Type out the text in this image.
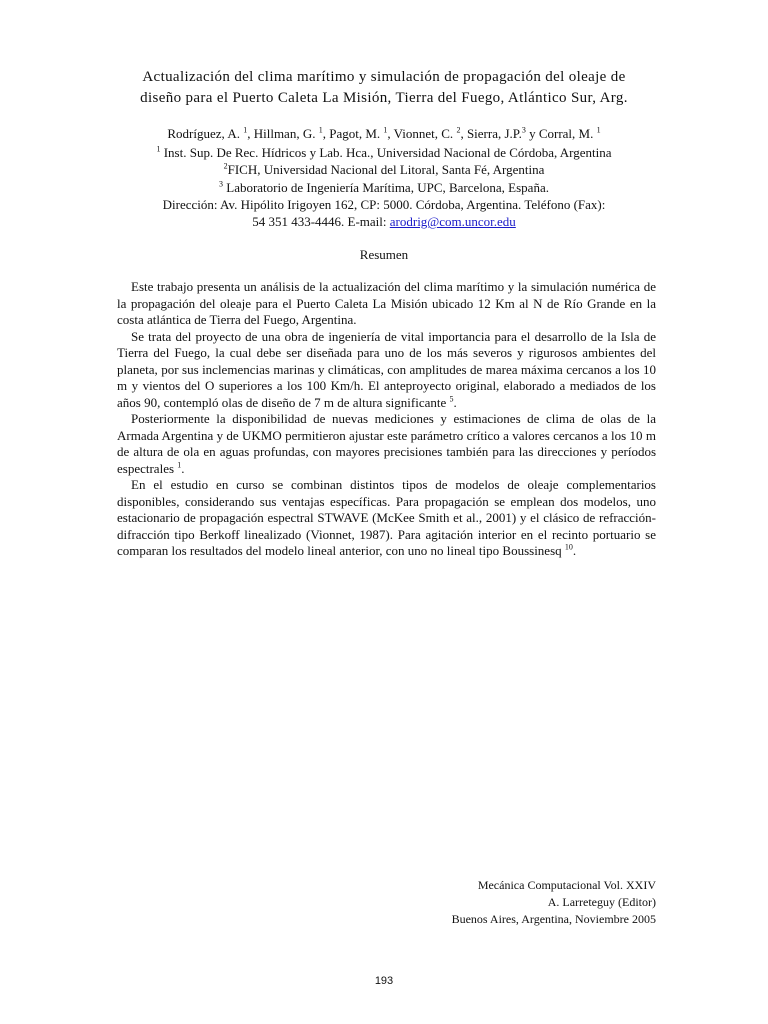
Actualización del clima marítimo y simulación de propagación del oleaje de
diseño para el Puerto Caleta La Misión, Tierra del Fuego, Atlántico Sur, Arg.
Rodríguez, A. $^1$, Hillman, G. $^1$, Pagot, M. $^1$, Vionnet, C. $^2$, Sierra, J.P.$^3$ y Corral, M. $^1$
$^1$ Inst. Sup. De Rec. Hídricos y Lab. Hca., Universidad Nacional de Córdoba, Argentina
$^2$FICH, Universidad Nacional del Litoral, Santa Fé, Argentina
$^3$ Laboratorio de Ingeniería Marítima, UPC, Barcelona, España.
Dirección: Av. Hipólito Irigoyen 162, CP: 5000. Córdoba, Argentina. Teléfono (Fax):
54 351 433-4446. E-mail: arodrig@com.uncor.edu
Resumen

Este trabajo presenta un análisis de la actualización del clima marítimo y la simulación numérica de la propagación del oleaje para el Puerto Caleta La Misión ubicado 12 Km al N de Río Grande en la costa atlántica de Tierra del Fuego, Argentina.

Se trata del proyecto de una obra de ingeniería de vital importancia para el desarrollo de la Isla de Tierra del Fuego, la cual debe ser diseñada para uno de los más severos y rigurosos ambientes del planeta, por sus inclemencias marinas y climáticas, con amplitudes de marea máxima cercanos a los 10 m y vientos del O superiores a los 100 Km/h. El anteproyecto original, elaborado a mediados de los años 90, contempló olas de diseño de 7 m de altura significante $^5$.

Posteriormente la disponibilidad de nuevas mediciones y estimaciones de clima de olas de la Armada Argentina y de UKMO permitieron ajustar este parámetro crítico a valores cercanos a los 10 m de altura de ola en aguas profundas, con mayores precisiones también para las direcciones y períodos espectrales $^1$.

En el estudio en curso se combinan distintos tipos de modelos de oleaje complementarios disponibles, considerando sus ventajas específicas. Para propagación se emplean dos modelos, uno estacionario de propagación espectral STWAVE (McKee Smith et al., 2001) y el clásico de refracción-difracción tipo Berkoff linealizado (Vionnet, 1987). Para agitación interior en el recinto portuario se comparan los resultados del modelo lineal anterior, con uno no lineal tipo Boussinesq $^{10}$.

Mecánica Computacional Vol. XXIV
A. Larreteguy (Editor)
Buenos Aires, Argentina, Noviembre 2005
193
